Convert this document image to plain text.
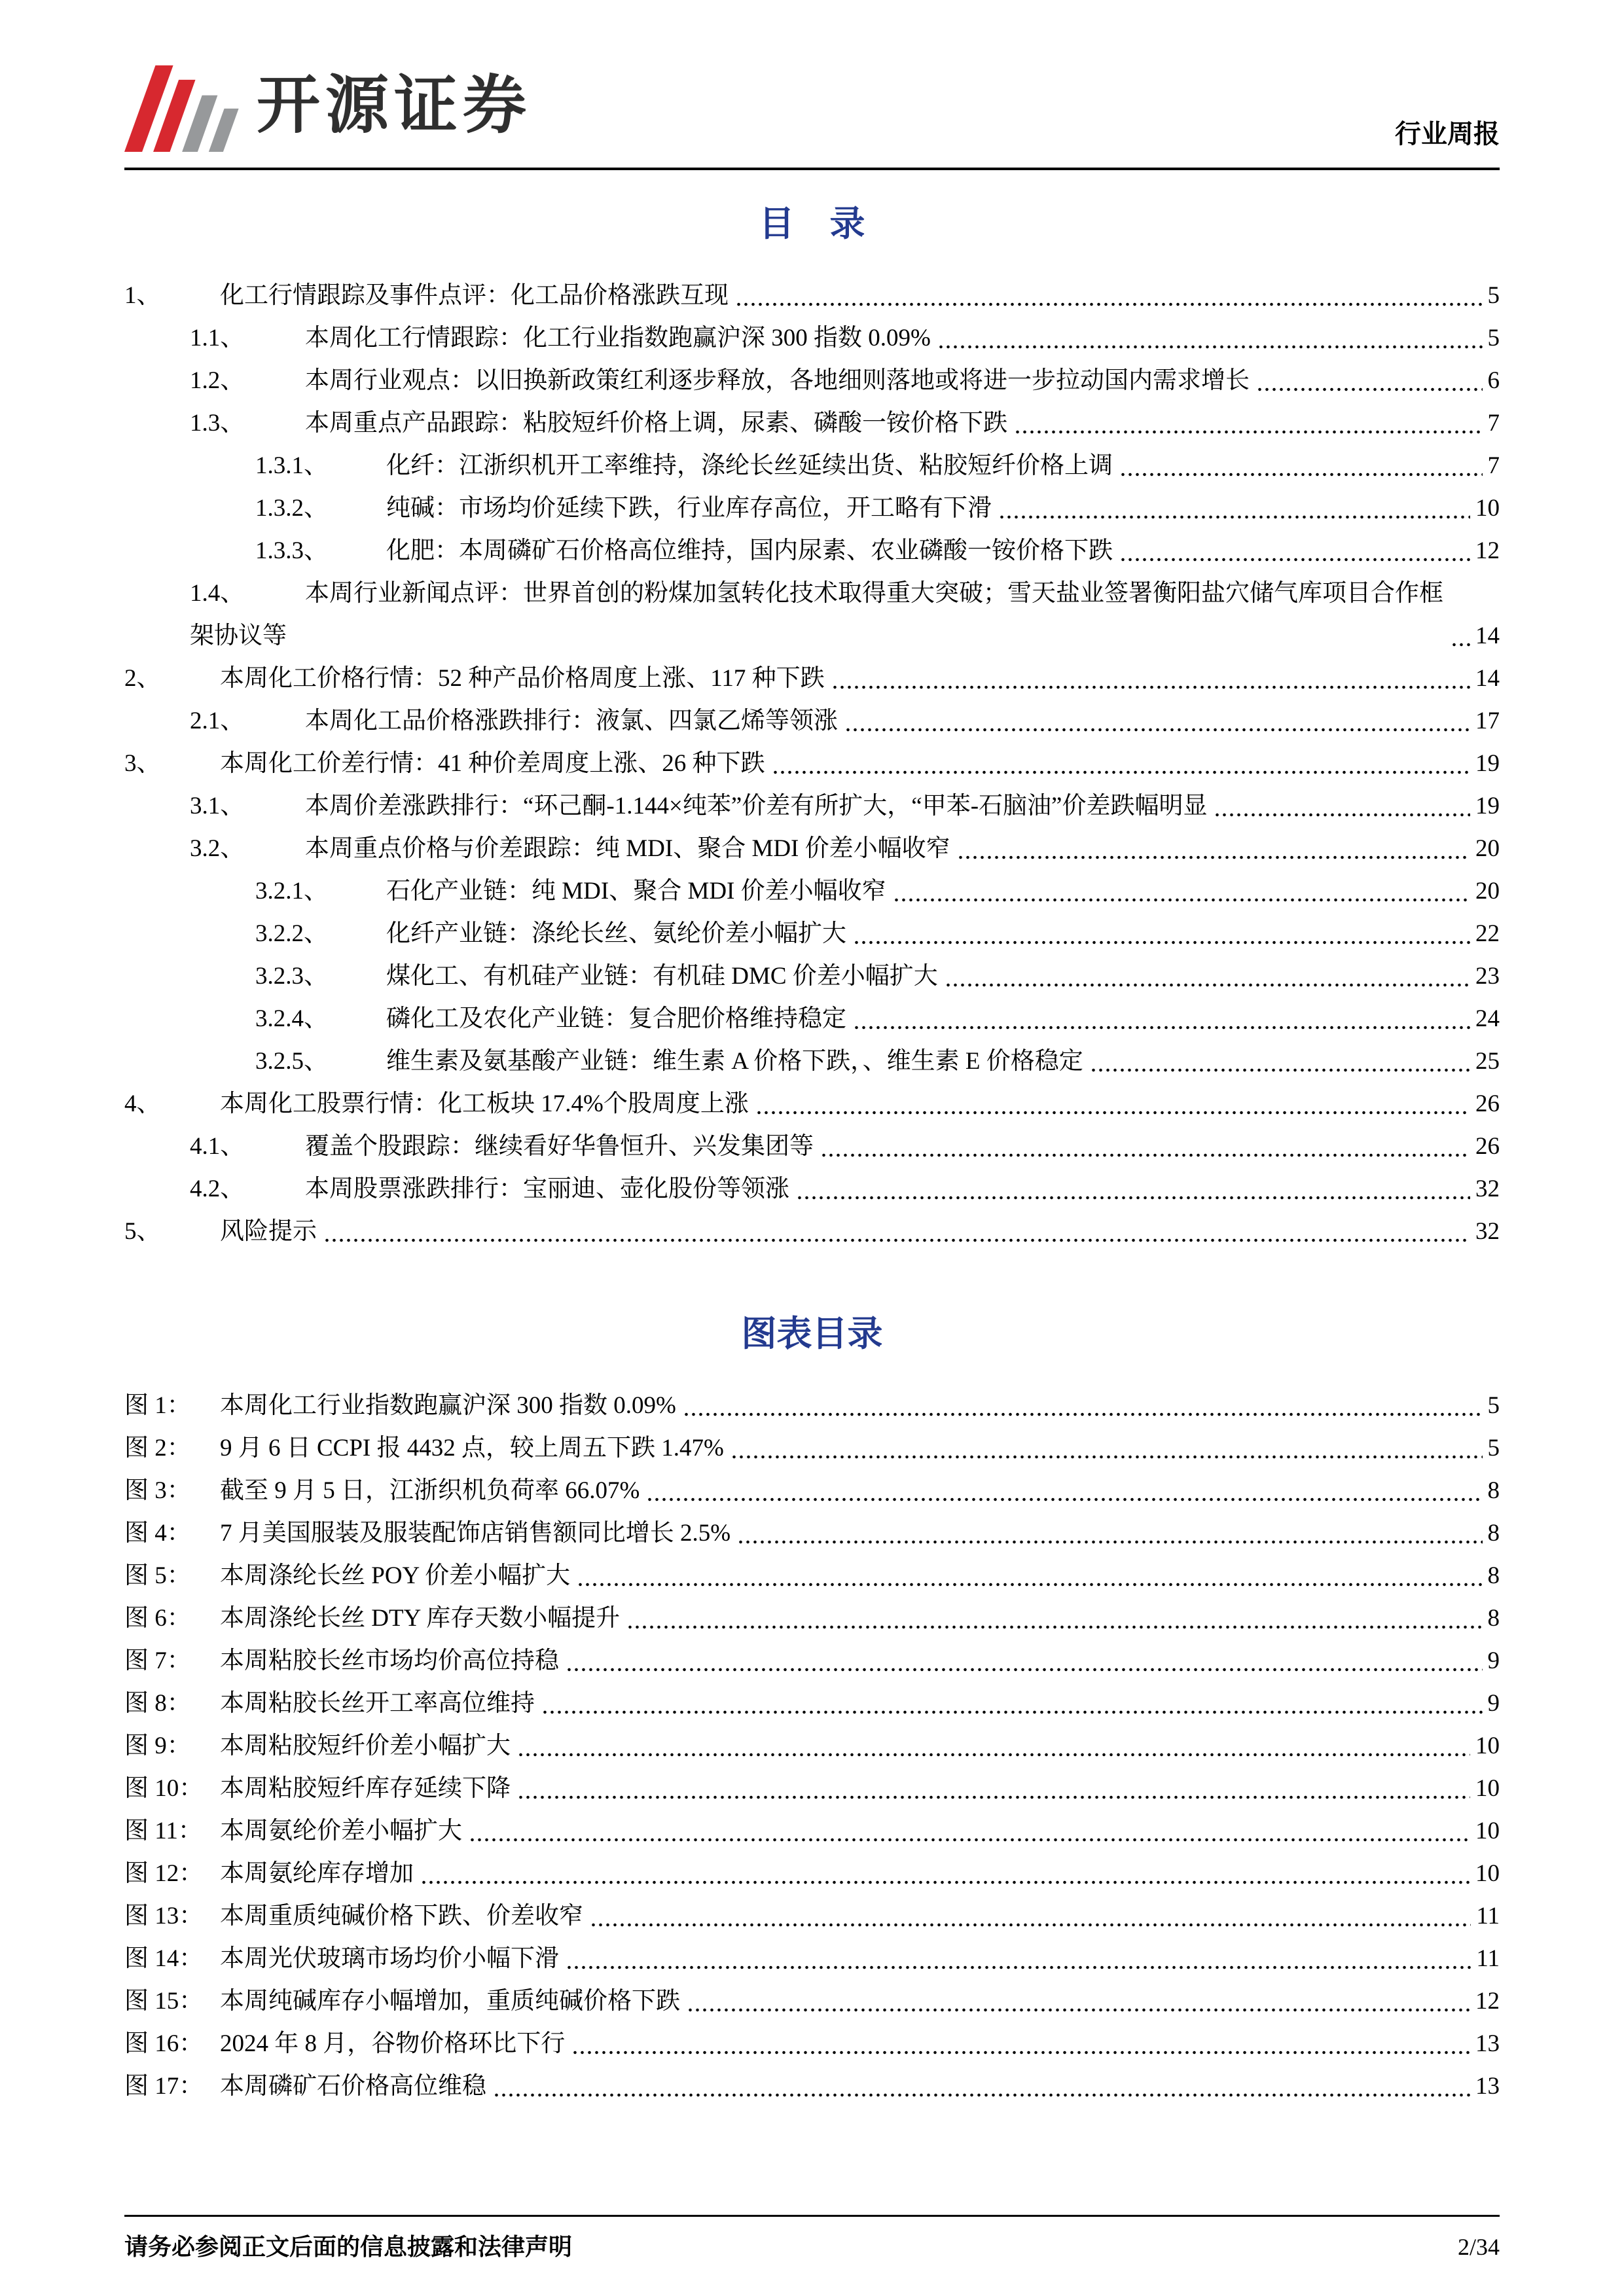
开源证券	行业周报
目　录
1、 化工行情跟踪及事件点评：化工品价格涨跌互现	5
1.1、	本周化工行情跟踪：化工行业指数跑赢沪深 300 指数 0.09%	5
1.2、	本周行业观点：以旧换新政策红利逐步释放，各地细则落地或将进一步拉动国内需求增长	6
1.3、	本周重点产品跟踪：粘胶短纤价格上调，尿素、磷酸一铵价格下跌	7
1.3.1、 化纤：江浙织机开工率维持，涤纶长丝延续出货、粘胶短纤价格上调	7
1.3.2、 纯碱：市场均价延续下跌，行业库存高位，开工略有下滑	10
1.3.3、 化肥：本周磷矿石价格高位维持，国内尿素、农业磷酸一铵价格下跌	12
1.4、	本周行业新闻点评：世界首创的粉煤加氢转化技术取得重大突破；雪天盐业签署衡阳盐穴储气库项目合作框架协议等	14
2、 本周化工价格行情：52 种产品价格周度上涨、117 种下跌	14
2.1、	本周化工品价格涨跌排行：液氯、四氯乙烯等领涨	17
3、 本周化工价差行情：41 种价差周度上涨、26 种下跌	19
3.1、	本周价差涨跌排行：“环己酮-1.144×纯苯”价差有所扩大，“甲苯-石脑油”价差跌幅明显	19
3.2、	本周重点价格与价差跟踪：纯 MDI、聚合 MDI 价差小幅收窄	20
3.2.1、 石化产业链：纯 MDI、聚合 MDI 价差小幅收窄	20
3.2.2、 化纤产业链：涤纶长丝、氨纶价差小幅扩大	22
3.2.3、 煤化工、有机硅产业链：有机硅 DMC 价差小幅扩大	23
3.2.4、 磷化工及农化产业链：复合肥价格维持稳定	24
3.2.5、 维生素及氨基酸产业链：维生素 A 价格下跌，、维生素 E 价格稳定	25
4、 本周化工股票行情：化工板块 17.4%个股周度上涨	26
4.1、	覆盖个股跟踪：继续看好华鲁恒升、兴发集团等	26
4.2、	本周股票涨跌排行：宝丽迪、壶化股份等领涨	32
5、 风险提示	32
图表目录
图 1： 本周化工行业指数跑赢沪深 300 指数 0.09%	5
图 2： 9 月 6 日 CCPI 报 4432 点，较上周五下跌 1.47%	5
图 3： 截至 9 月 5 日，江浙织机负荷率 66.07%	8
图 4： 7 月美国服装及服装配饰店销售额同比增长 2.5%	8
图 5： 本周涤纶长丝 POY 价差小幅扩大	8
图 6： 本周涤纶长丝 DTY 库存天数小幅提升	8
图 7： 本周粘胶长丝市场均价高位持稳	9
图 8： 本周粘胶长丝开工率高位维持	9
图 9： 本周粘胶短纤价差小幅扩大	10
图 10： 本周粘胶短纤库存延续下降	10
图 11： 本周氨纶价差小幅扩大	10
图 12： 本周氨纶库存增加	10
图 13： 本周重质纯碱价格下跌、价差收窄	11
图 14： 本周光伏玻璃市场均价小幅下滑	11
图 15： 本周纯碱库存小幅增加，重质纯碱价格下跌	12
图 16： 2024 年 8 月，谷物价格环比下行	13
图 17： 本周磷矿石价格高位维稳	13
请务必参阅正文后面的信息披露和法律声明	2/34
